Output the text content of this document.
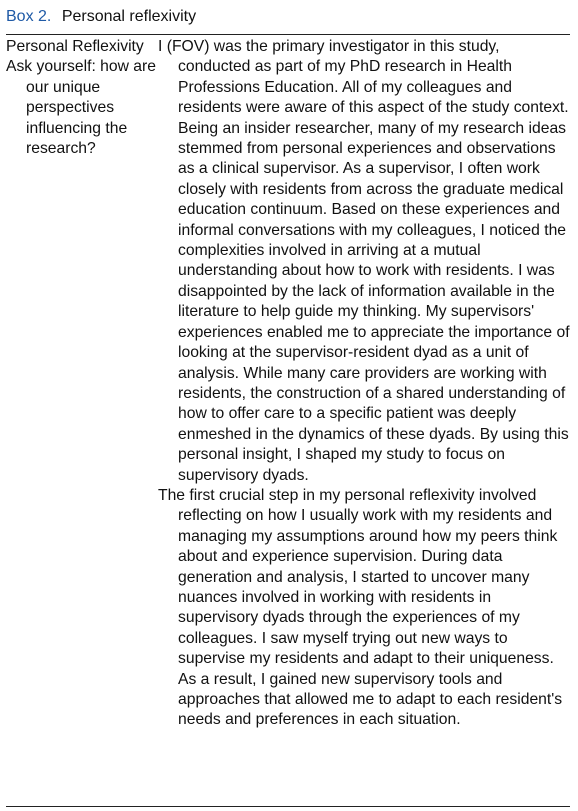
Box 2. Personal reflexivity

Personal Reflexivity

Ask yourself: how are our unique perspectives influencing the research?

I (FOV) was the primary investigator in this study, conducted as part of my PhD research in Health Professions Education. All of my colleagues and residents were aware of this aspect of the study context. Being an insider researcher, many of my research ideas stemmed from personal experiences and observations as a clinical supervisor. As a supervisor, I often work closely with residents from across the graduate medical education continuum. Based on these experiences and informal conversations with my colleagues, I noticed the complexities involved in arriving at a mutual understanding about how to work with residents. I was disappointed by the lack of information available in the literature to help guide my thinking. My supervisors' experiences enabled me to appreciate the importance of looking at the supervisor-resident dyad as a unit of analysis. While many care providers are working with residents, the construction of a shared understanding of how to offer care to a specific patient was deeply enmeshed in the dynamics of these dyads. By using this personal insight, I shaped my study to focus on supervisory dyads.

The first crucial step in my personal reflexivity involved reflecting on how I usually work with my residents and managing my assumptions around how my peers think about and experience supervision. During data generation and analysis, I started to uncover many nuances involved in working with residents in supervisory dyads through the experiences of my colleagues. I saw myself trying out new ways to supervise my residents and adapt to their uniqueness. As a result, I gained new supervisory tools and approaches that allowed me to adapt to each resident's needs and preferences in each situation.
